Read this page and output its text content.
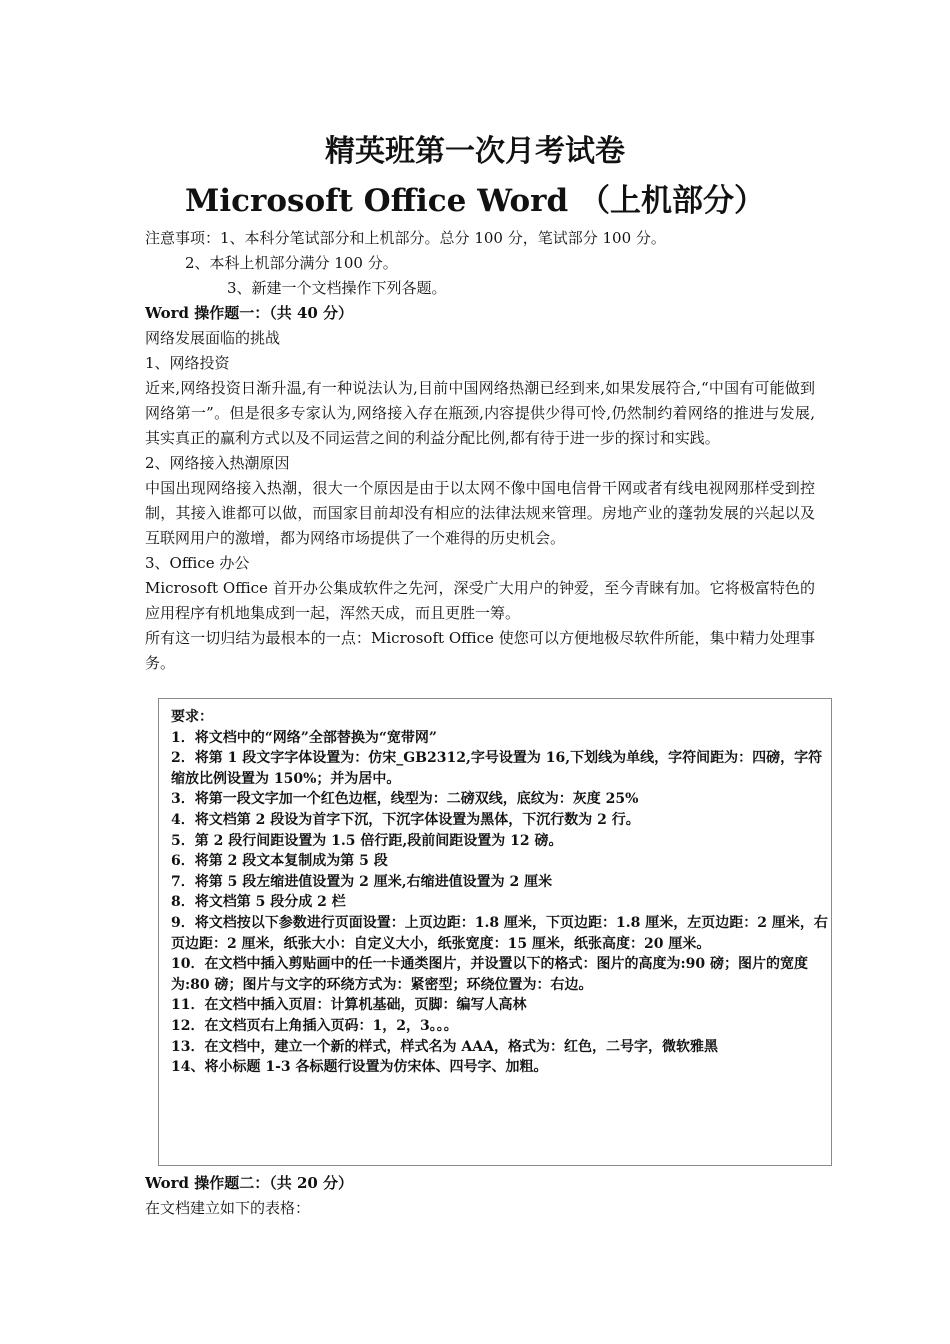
精英班第一次月考试卷
Microsoft Office Word （上机部分）
注意事项：1、本科分笔试部分和上机部分。总分 100 分，笔试部分 100 分。
2、本科上机部分满分 100 分。
3、新建一个文档操作下列各题。
Word 操作题一：（共 40 分）
网络发展面临的挑战
1、网络投资
近来,网络投资日渐升温,有一种说法认为,目前中国网络热潮已经到来,如果发展符合,“中国有可能做到网络第一”。但是很多专家认为,网络接入存在瓶颈,内容提供少得可怜,仍然制约着网络的推进与发展,其实真正的赢利方式以及不同运营之间的利益分配比例,都有待于进一步的探讨和实践。
2、网络接入热潮原因
中国出现网络接入热潮，很大一个原因是由于以太网不像中国电信骨干网或者有线电视网那样受到控制，其接入谁都可以做，而国家目前却没有相应的法律法规来管理。房地产业的蓬勃发展的兴起以及互联网用户的激增，都为网络市场提供了一个难得的历史机会。
3、Office 办公
Microsoft Office 首开办公集成软件之先河，深受广大用户的钟爱，至今青睐有加。它将极富特色的应用程序有机地集成到一起，浑然天成，而且更胜一筹。
所有这一切归结为最根本的一点：Microsoft Office 使您可以方便地极尽软件所能，集中精力处理事务。
要求：
1．将文档中的“网络”全部替换为“宽带网”
2．将第 1 段文字字体设置为：仿宋_GB2312,字号设置为 16,下划线为单线，字符间距为：四磅，字符缩放比例设置为 150%；并为居中。
3．将第一段文字加一个红色边框，线型为：二磅双线，底纹为：灰度 25%
4．将文档第 2 段设为首字下沉，下沉字体设置为黑体，下沉行数为 2 行。
5．第 2 段行间距设置为 1.5 倍行距,段前间距设置为 12 磅。
6．将第 2 段文本复制成为第 5 段
7．将第 5 段左缩进值设置为 2 厘米,右缩进值设置为 2 厘米
8．将文档第 5 段分成 2 栏
9．将文档按以下参数进行页面设置：上页边距：1.8 厘米，下页边距：1.8 厘米，左页边距：2 厘米，右页边距：2 厘米，纸张大小：自定义大小，纸张宽度：15 厘米，纸张高度：20 厘米。
10．在文档中插入剪贴画中的任一卡通类图片，并设置以下的格式：图片的高度为:90 磅；图片的宽度为:80 磅；图片与文字的环绕方式为：紧密型；环绕位置为：右边。
11．在文档中插入页眉：计算机基础，页脚：编写人高林
12．在文档页右上角插入页码：1，2，3。。。
13．在文档中，建立一个新的样式，样式名为 AAA，格式为：红色，二号字，微软雅黑
14、将小标题 1-3 各标题行设置为仿宋体、四号字、加粗。
Word 操作题二：（共 20 分）
在文档建立如下的表格：
